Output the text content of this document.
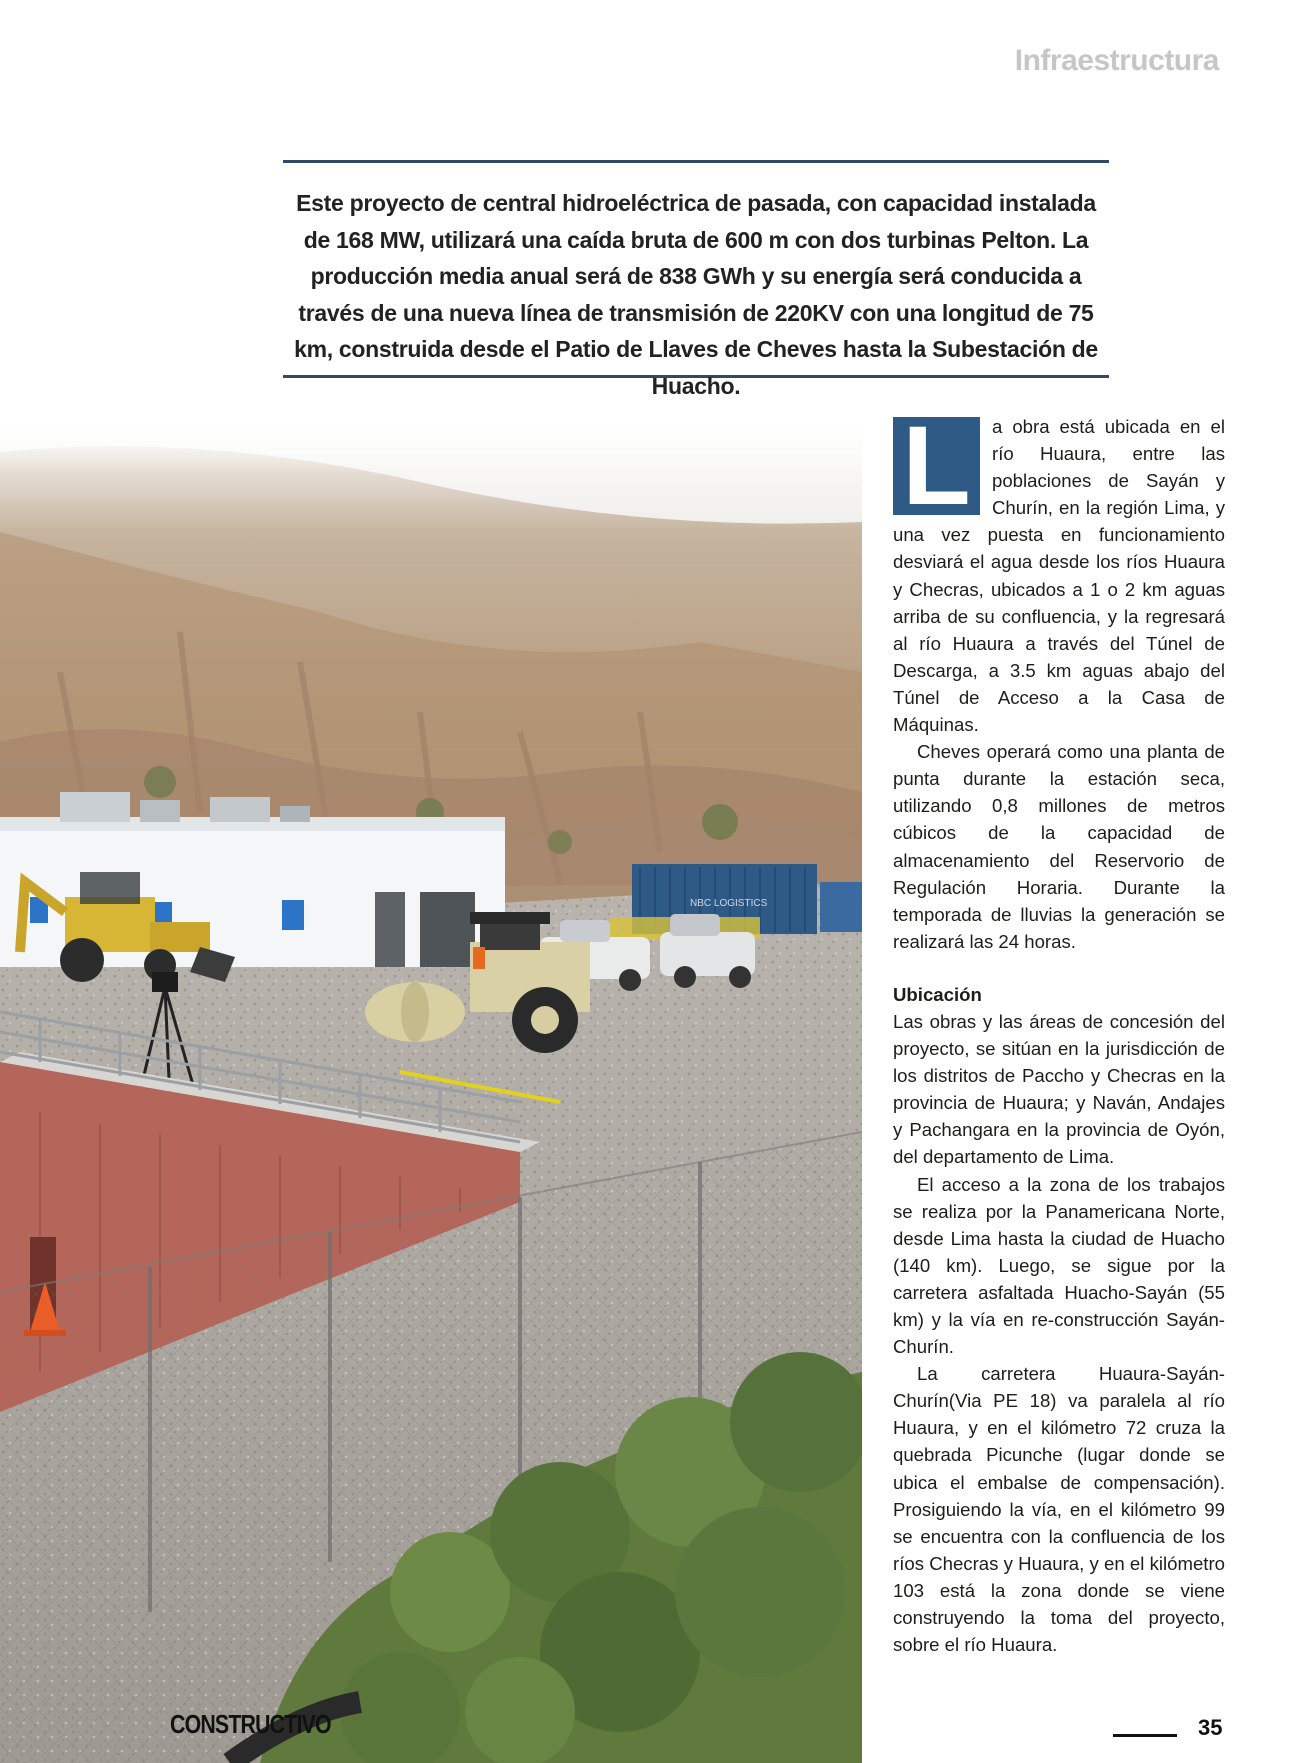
Infraestructura

Este proyecto de central hidroeléctrica de pasada, con capacidad instalada de 168 MW, utilizará una caída bruta de 600 m con dos turbinas Pelton. La producción media anual será de 838 GWh y su energía será conducida a través de una nueva línea de transmisión de 220KV con una longitud de 75 km, construida desde el Patio de Llaves de Cheves hasta la Subestación de Huacho.

NBC LOGISTICS
L	a obra está ubicada en el río Huaura, entre las poblaciones de Sayán y Churín, en la región Lima, y una vez puesta en funcionamiento desviará el agua desde los ríos Huaura y Checras, ubicados a 1 o 2 km aguas arriba de su confluencia, y la regresará al río Huaura a través del Túnel de Descarga, a 3.5 km aguas abajo del Túnel de Acceso a la Casa de Máquinas.

Cheves operará como una planta de punta durante la estación seca, utilizando 0,8 millones de metros cúbicos de la capacidad de almacenamiento del Reservorio de Regulación Horaria. Durante la temporada de lluvias la generación se realizará las 24 horas.

Ubicación

Las obras y las áreas de concesión del proyecto, se sitúan en la jurisdicción de los distritos de Paccho y Checras en la provincia de Huaura; y Naván, Andajes y Pachangara en la provincia de Oyón, del departamento de Lima.

El acceso a la zona de los trabajos se realiza por la Panamericana Norte, desde Lima hasta la ciudad de Huacho (140 km). Luego, se sigue por la carretera asfaltada Huacho-Sayán (55 km) y la vía en re-construcción Sayán-Churín.

La carretera Huaura-Sayán-Churín(Via PE 18) va paralela al río Huaura, y en el kilómetro 72 cruza la quebrada Picunche (lugar donde se ubica el embalse de compensación). Prosiguiendo la vía, en el kilómetro 99 se encuentra con la confluencia de los ríos Checras y Huaura, y en el kilómetro 103 está la zona donde se viene construyendo la toma del proyecto, sobre el río Huaura.

CONSTRUCTIVO	35
